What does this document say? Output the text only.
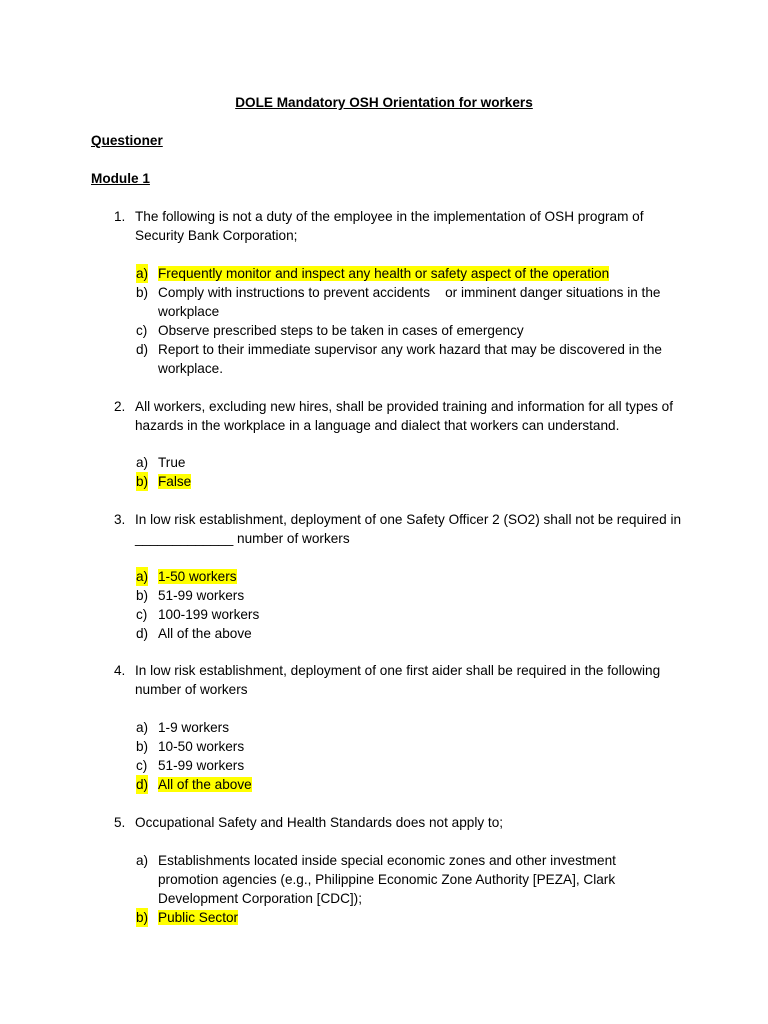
DOLE Mandatory OSH Orientation for workers
Questioner
Module 1
1. The following is not a duty of the employee in the implementation of OSH program of Security Bank Corporation;
a) Frequently monitor and inspect any health or safety aspect of the operation
b) Comply with instructions to prevent accidents    or imminent danger situations in the workplace
c) Observe prescribed steps to be taken in cases of emergency
d) Report to their immediate supervisor any work hazard that may be discovered in the workplace.
2. All workers, excluding new hires, shall be provided training and information for all types of hazards in the workplace in a language and dialect that workers can understand.
a) True
b) False
3. In low risk establishment, deployment of one Safety Officer 2 (SO2) shall not be required in _____________ number of workers
a) 1-50 workers
b) 51-99 workers
c) 100-199 workers
d) All of the above
4. In low risk establishment, deployment of one first aider shall be required in the following number of workers
a) 1-9 workers
b) 10-50 workers
c) 51-99 workers
d) All of the above
5. Occupational Safety and Health Standards does not apply to;
a) Establishments located inside special economic zones and other investment promotion agencies (e.g., Philippine Economic Zone Authority [PEZA], Clark Development Corporation [CDC]);
b) Public Sector
